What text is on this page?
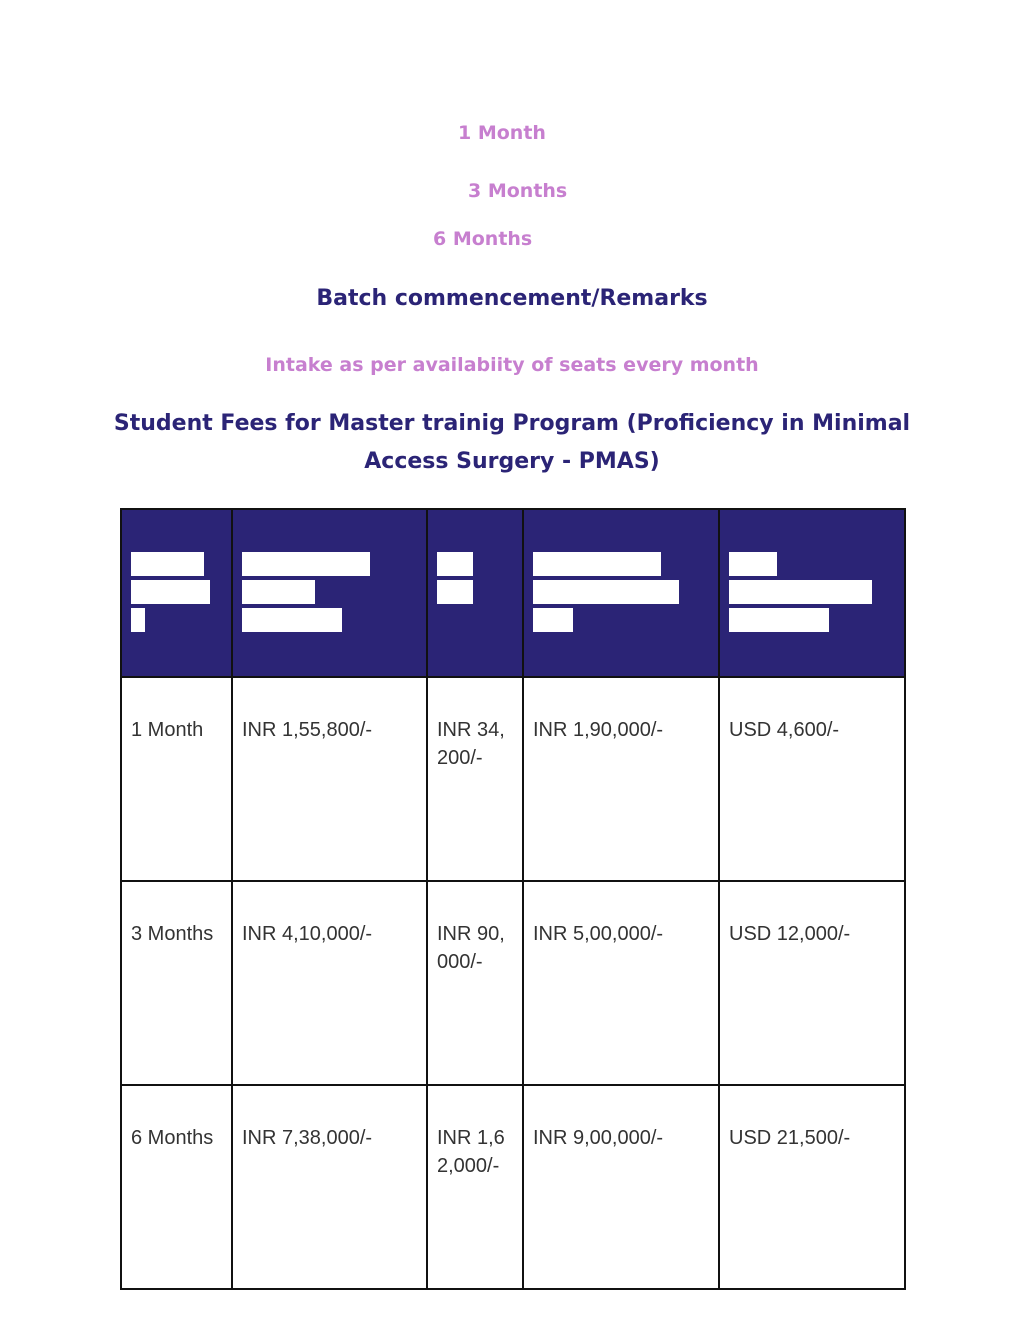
1 Month
3 Months
6 Months
Batch commencement/Remarks
Intake as per availabiity of seats every month
Student Fees for Master trainig Program (Proficiency in Minimal
Access Surgery - PMAS)

1 Month	INR 1,55,800/-	INR 34,200/-	INR 1,90,000/-	USD 4,600/-
3 Months	INR 4,10,000/-	INR 90,000/-	INR 5,00,000/-	USD 12,000/-
6 Months	INR 7,38,000/-	INR 1,62,000/-	INR 9,00,000/-	USD 21,500/-
